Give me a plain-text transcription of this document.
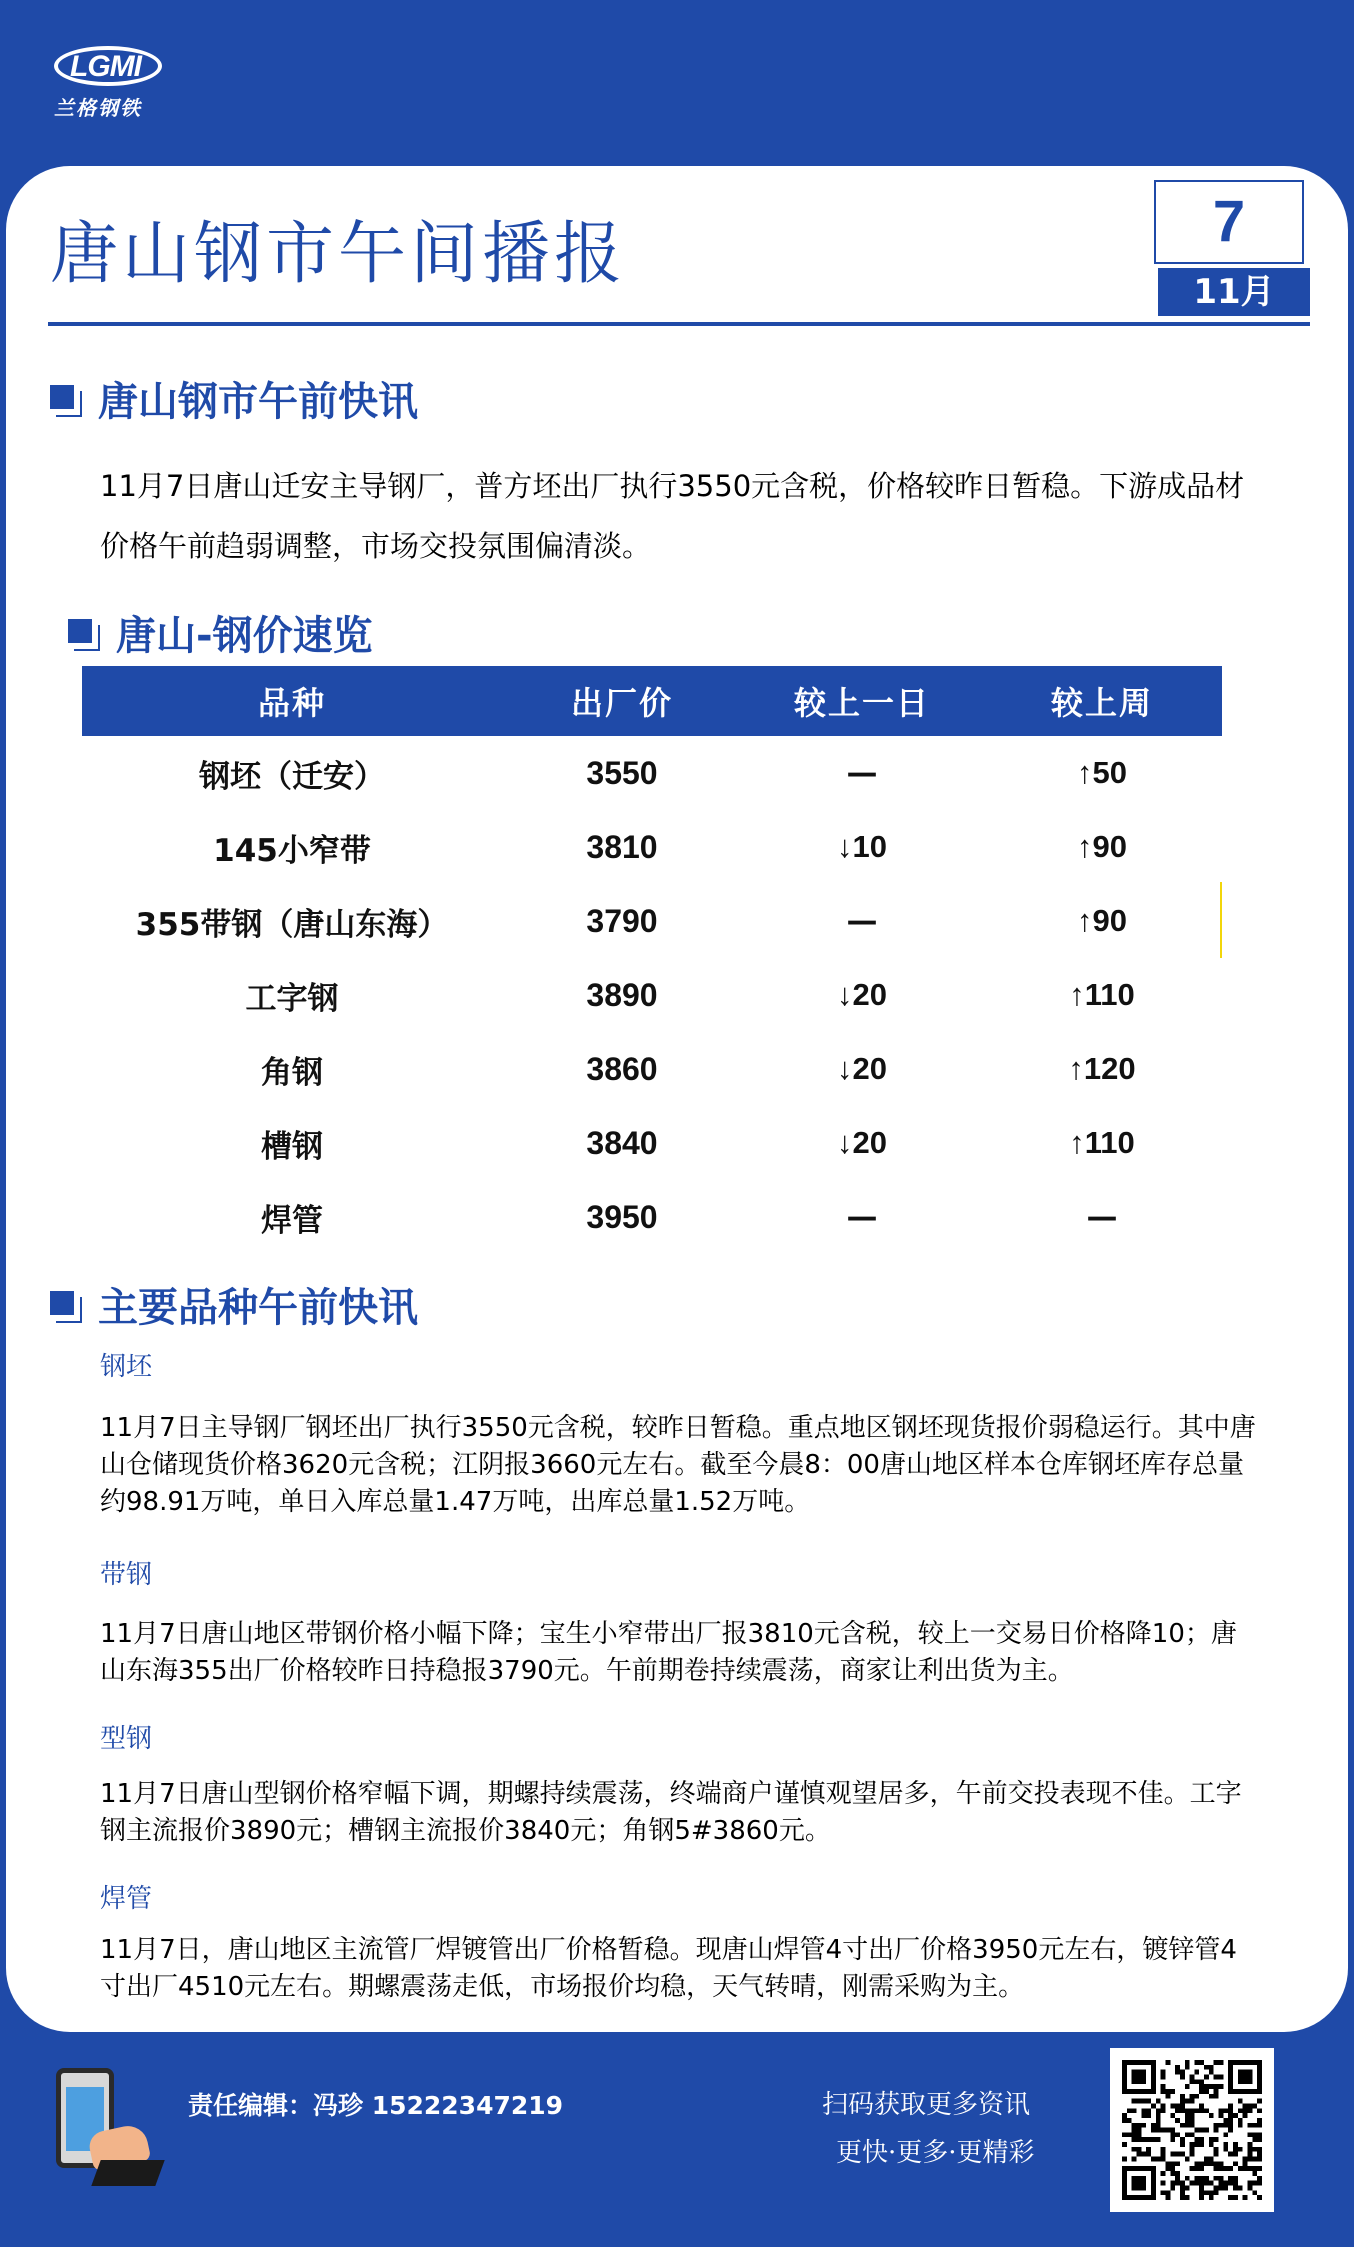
LGMI
兰格钢铁
唐山钢市午间播报	7
11月
唐山钢市午前快讯
11月7日唐山迁安主导钢厂，普方坯出厂执行3550元含税，价格较昨日暂稳。下游成品材价格午前趋弱调整，市场交投氛围偏清淡。
唐山-钢价速览
品种	出厂价	较上一日	较上周
钢坯（迁安）	3550	—	↑50
145小窄带	3810	↓10	↑90
355带钢（唐山东海）	3790	—	↑90
工字钢	3890	↓20	↑110
角钢	3860	↓20	↑120
槽钢	3840	↓20	↑110
焊管	3950	—	—
主要品种午前快讯
钢坯
11月7日主导钢厂钢坯出厂执行3550元含税，较昨日暂稳。重点地区钢坯现货报价弱稳运行。其中唐山仓储现货价格3620元含税；江阴报3660元左右。截至今晨8：00唐山地区样本仓库钢坯库存总量约98.91万吨，单日入库总量1.47万吨，出库总量1.52万吨。
带钢
11月7日唐山地区带钢价格小幅下降；宝生小窄带出厂报3810元含税，较上一交易日价格降10；唐山东海355出厂价格较昨日持稳报3790元。午前期卷持续震荡，商家让利出货为主。
型钢
11月7日唐山型钢价格窄幅下调，期螺持续震荡，终端商户谨慎观望居多，午前交投表现不佳。工字钢主流报价3890元；槽钢主流报价3840元；角钢5#3860元。
焊管
11月7日，唐山地区主流管厂焊镀管出厂价格暂稳。现唐山焊管4寸出厂价格3950元左右，镀锌管4寸出厂4510元左右。期螺震荡走低，市场报价均稳，天气转晴，刚需采购为主。
责任编辑：冯珍 15222347219	扫码获取更多资讯
更快·更多·更精彩
